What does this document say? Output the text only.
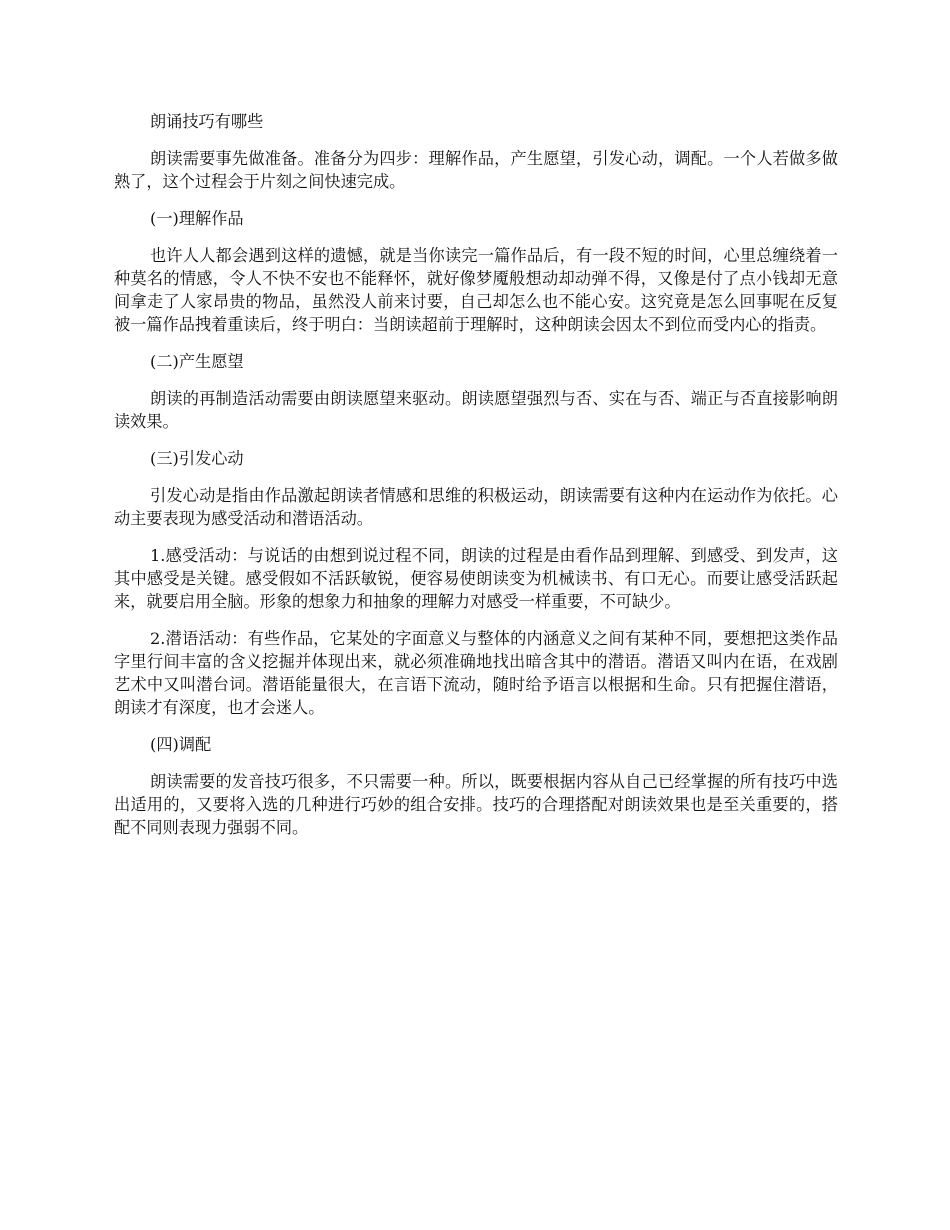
朗诵技巧有哪些

朗读需要事先做准备。准备分为四步：理解作品，产生愿望，引发心动，调配。一个人若做多做熟了，这个过程会于片刻之间快速完成。

(一)理解作品

也许人人都会遇到这样的遗憾，就是当你读完一篇作品后，有一段不短的时间，心里总缠绕着一种莫名的情感，令人不快不安也不能释怀，就好像梦魇般想动却动弹不得，又像是付了点小钱却无意间拿走了人家昂贵的物品，虽然没人前来讨要，自己却怎么也不能心安。这究竟是怎么回事呢在反复被一篇作品拽着重读后，终于明白：当朗读超前于理解时，这种朗读会因太不到位而受内心的指责。

(二)产生愿望

朗读的再制造活动需要由朗读愿望来驱动。朗读愿望强烈与否、实在与否、端正与否直接影响朗读效果。

(三)引发心动

引发心动是指由作品激起朗读者情感和思维的积极运动，朗读需要有这种内在运动作为依托。心动主要表现为感受活动和潜语活动。

1.感受活动：与说话的由想到说过程不同，朗读的过程是由看作品到理解、到感受、到发声，这其中感受是关键。感受假如不活跃敏锐，便容易使朗读变为机械读书、有口无心。而要让感受活跃起来，就要启用全脑。形象的想象力和抽象的理解力对感受一样重要，不可缺少。

2.潜语活动：有些作品，它某处的字面意义与整体的内涵意义之间有某种不同，要想把这类作品字里行间丰富的含义挖掘并体现出来，就必须准确地找出暗含其中的潜语。潜语又叫内在语，在戏剧艺术中又叫潜台词。潜语能量很大，在言语下流动，随时给予语言以根据和生命。只有把握住潜语，朗读才有深度，也才会迷人。

(四)调配

朗读需要的发音技巧很多，不只需要一种。所以，既要根据内容从自己已经掌握的所有技巧中选出适用的，又要将入选的几种进行巧妙的组合安排。技巧的合理搭配对朗读效果也是至关重要的，搭配不同则表现力强弱不同。
